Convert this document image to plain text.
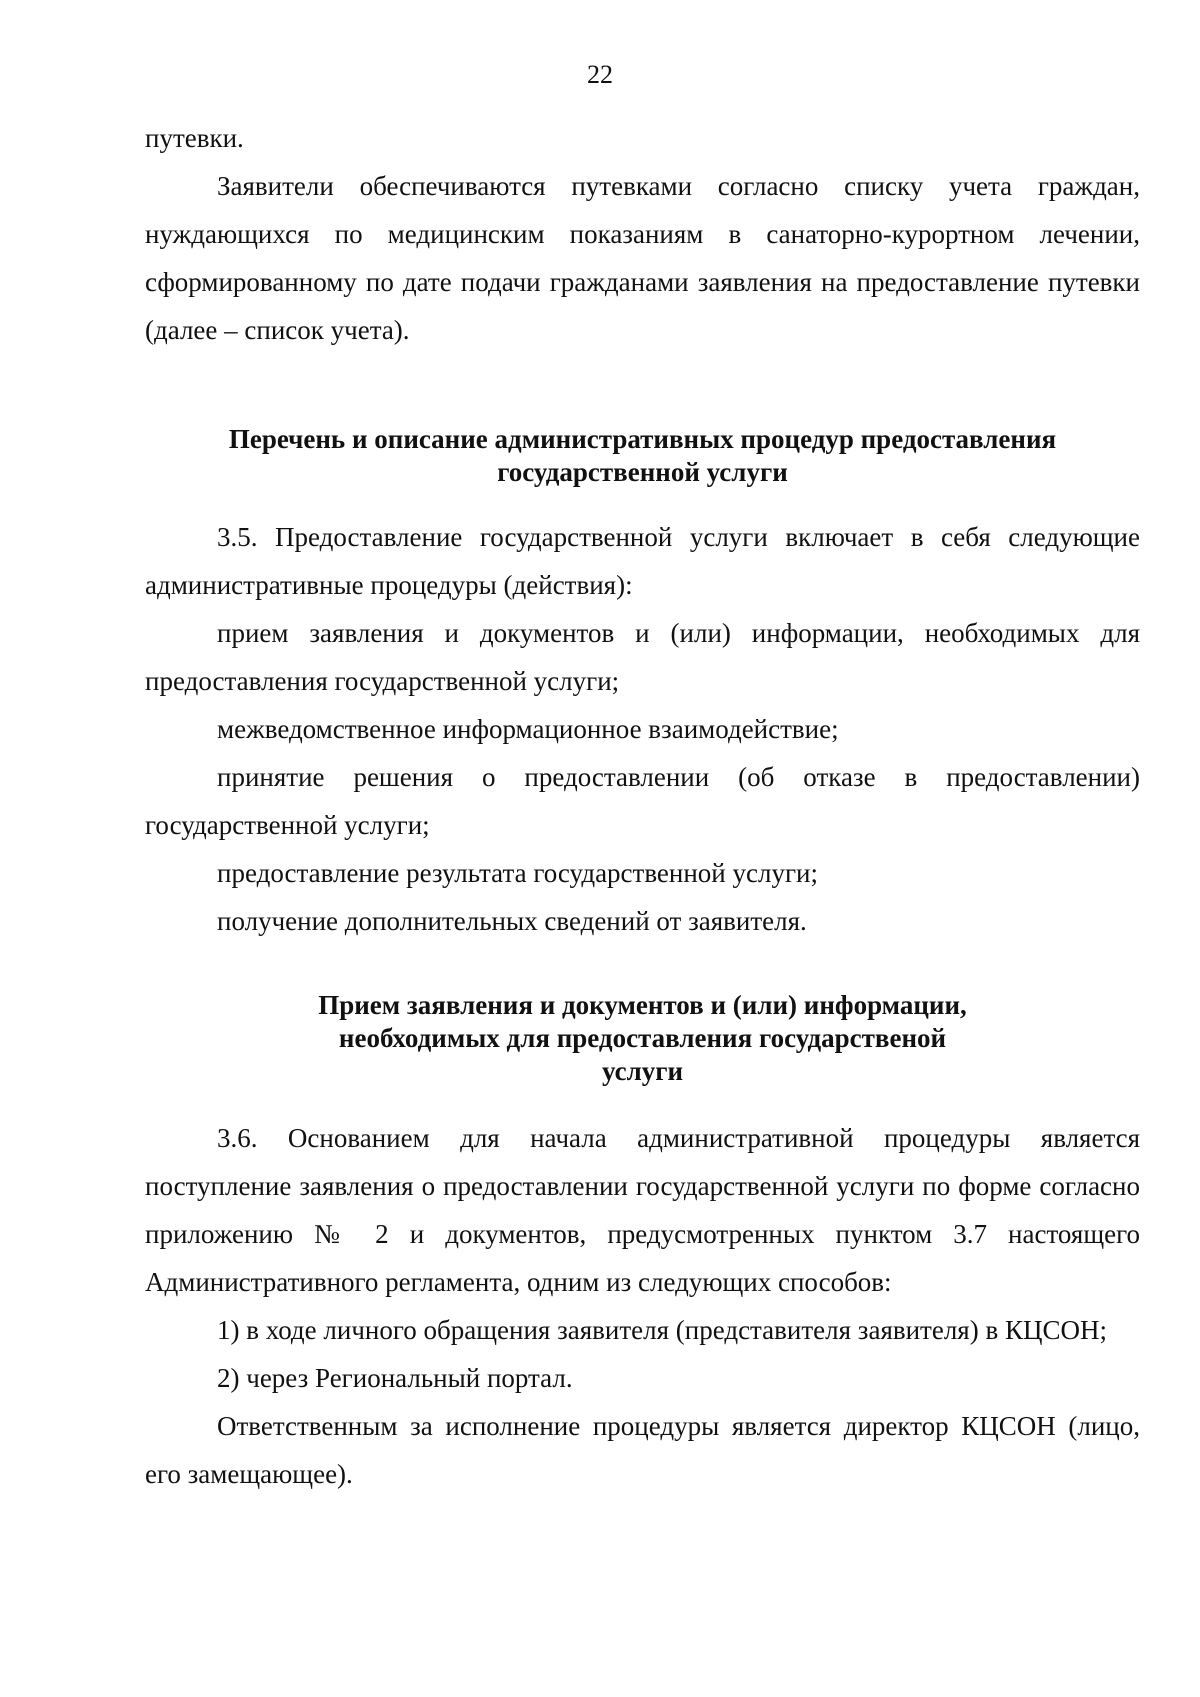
22

путевки.

Заявители обеспечиваются путевками согласно списку учета граждан, нуждающихся по медицинским показаниям в санаторно-курортном лечении, сформированному по дате подачи гражданами заявления на предоставление путевки (далее – список учета).

Перечень и описание административных процедур предоставления
государственной услуги

3.5. Предоставление государственной услуги включает в себя следующие административные процедуры (действия):

прием заявления и документов и (или) информации, необходимых для предоставления государственной услуги;

межведомственное информационное взаимодействие;

принятие решения о предоставлении (об отказе в предоставлении) государственной услуги;

предоставление результата государственной услуги;

получение дополнительных сведений от заявителя.

Прием заявления и документов и (или) информации,
необходимых для предоставления государственой
услуги

3.6. Основанием для начала административной процедуры является поступление заявления о предоставлении государственной услуги по форме согласно приложению № 2 и документов, предусмотренных пунктом 3.7 настоящего Административного регламента, одним из следующих способов:

1) в ходе личного обращения заявителя (представителя заявителя) в КЦСОН;

2) через Региональный портал.

Ответственным за исполнение процедуры является директор КЦСОН (лицо, его замещающее).
